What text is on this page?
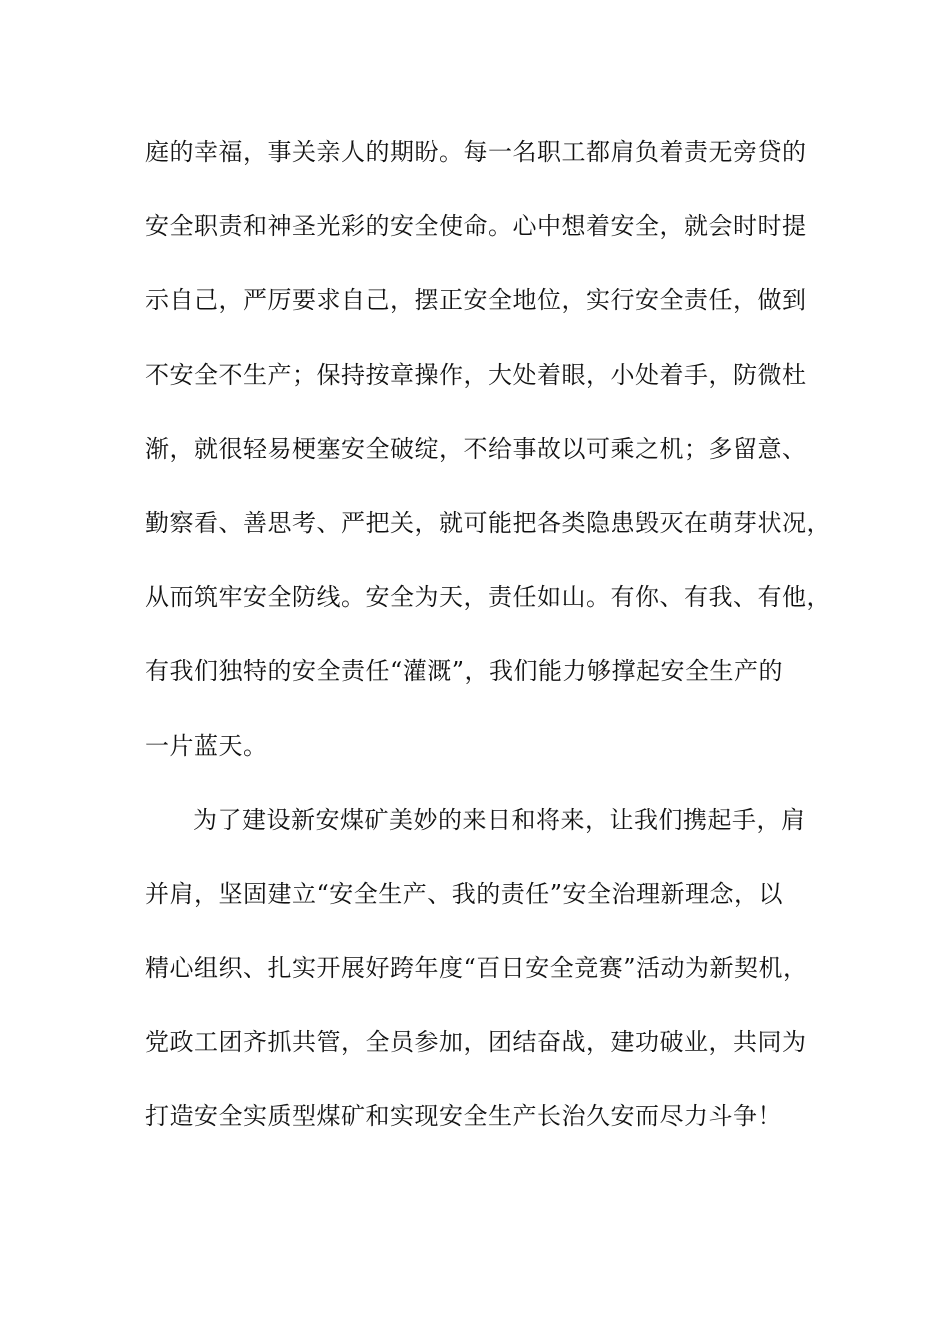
庭的幸福，事关亲人的期盼。每一名职工都肩负着责无旁贷的
安全职责和神圣光彩的安全使命。心中想着安全，就会时时提
示自己，严厉要求自己，摆正安全地位，实行安全责任，做到
不安全不生产；保持按章操作，大处着眼，小处着手，防微杜
渐，就很轻易梗塞安全破绽，不给事故以可乘之机；多留意、
勤察看、善思考、严把关，就可能把各类隐患毁灭在萌芽状况，
从而筑牢安全防线。安全为天，责任如山。有你、有我、有他，
有我们独特的安全责任“灌溉”，我们能力够撑起安全生产的
一片蓝天。
为了建设新安煤矿美妙的来日和将来，让我们携起手，肩
并肩，坚固建立“安全生产、我的责任”安全治理新理念，以
精心组织、扎实开展好跨年度“百日安全竞赛”活动为新契机，
党政工团齐抓共管，全员参加，团结奋战，建功破业，共同为
打造安全实质型煤矿和实现安全生产长治久安而尽力斗争！
